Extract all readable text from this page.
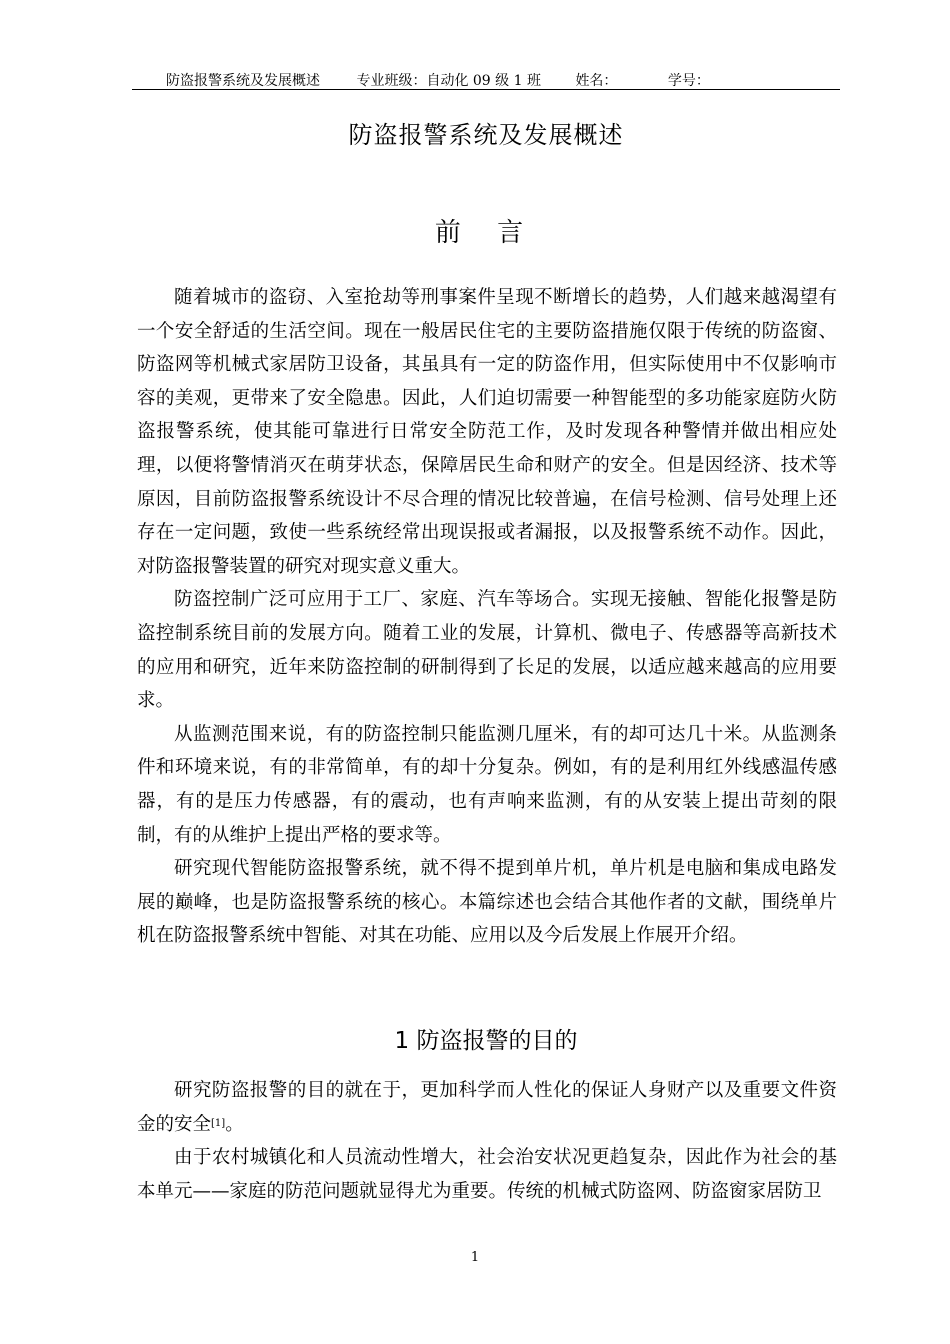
防盗报警系统及发展概述	专业班级：自动化 09 级 1 班 姓名：	学号：
防盗报警系统及发展概述
前 言

随着城市的盗窃、入室抢劫等刑事案件呈现不断增长的趋势，人们越来越渴望有一个安全舒适的生活空间。现在一般居民住宅的主要防盗措施仅限于传统的防盗窗、防盗网等机械式家居防卫设备，其虽具有一定的防盗作用，但实际使用中不仅影响市容的美观，更带来了安全隐患。因此，人们迫切需要一种智能型的多功能家庭防火防盗报警系统，使其能可靠进行日常安全防范工作，及时发现各种警情并做出相应处理，以便将警情消灭在萌芽状态，保障居民生命和财产的安全。但是因经济、技术等原因，目前防盗报警系统设计不尽合理的情况比较普遍，在信号检测、信号处理上还存在一定问题，致使一些系统经常出现误报或者漏报，以及报警系统不动作。因此，对防盗报警装置的研究对现实意义重大。

防盗控制广泛可应用于工厂、家庭、汽车等场合。实现无接触、智能化报警是防盗控制系统目前的发展方向。随着工业的发展，计算机、微电子、传感器等高新技术的应用和研究，近年来防盗控制的研制得到了长足的发展，以适应越来越高的应用要求。

从监测范围来说，有的防盗控制只能监测几厘米，有的却可达几十米。从监测条件和环境来说，有的非常简单，有的却十分复杂。例如，有的是利用红外线感温传感器，有的是压力传感器，有的震动，也有声响来监测，有的从安装上提出苛刻的限制，有的从维护上提出严格的要求等。

研究现代智能防盗报警系统，就不得不提到单片机，单片机是电脑和集成电路发展的巅峰，也是防盗报警系统的核心。本篇综述也会结合其他作者的文献，围绕单片机在防盗报警系统中智能、对其在功能、应用以及今后发展上作展开介绍。

1 防盗报警的目的

研究防盗报警的目的就在于，更加科学而人性化的保证人身财产以及重要文件资金的安全[1]。

由于农村城镇化和人员流动性增大，社会治安状况更趋复杂，因此作为社会的基本单元——家庭的防范问题就显得尤为重要。传统的机械式防盗网、防盗窗家居防卫

1
